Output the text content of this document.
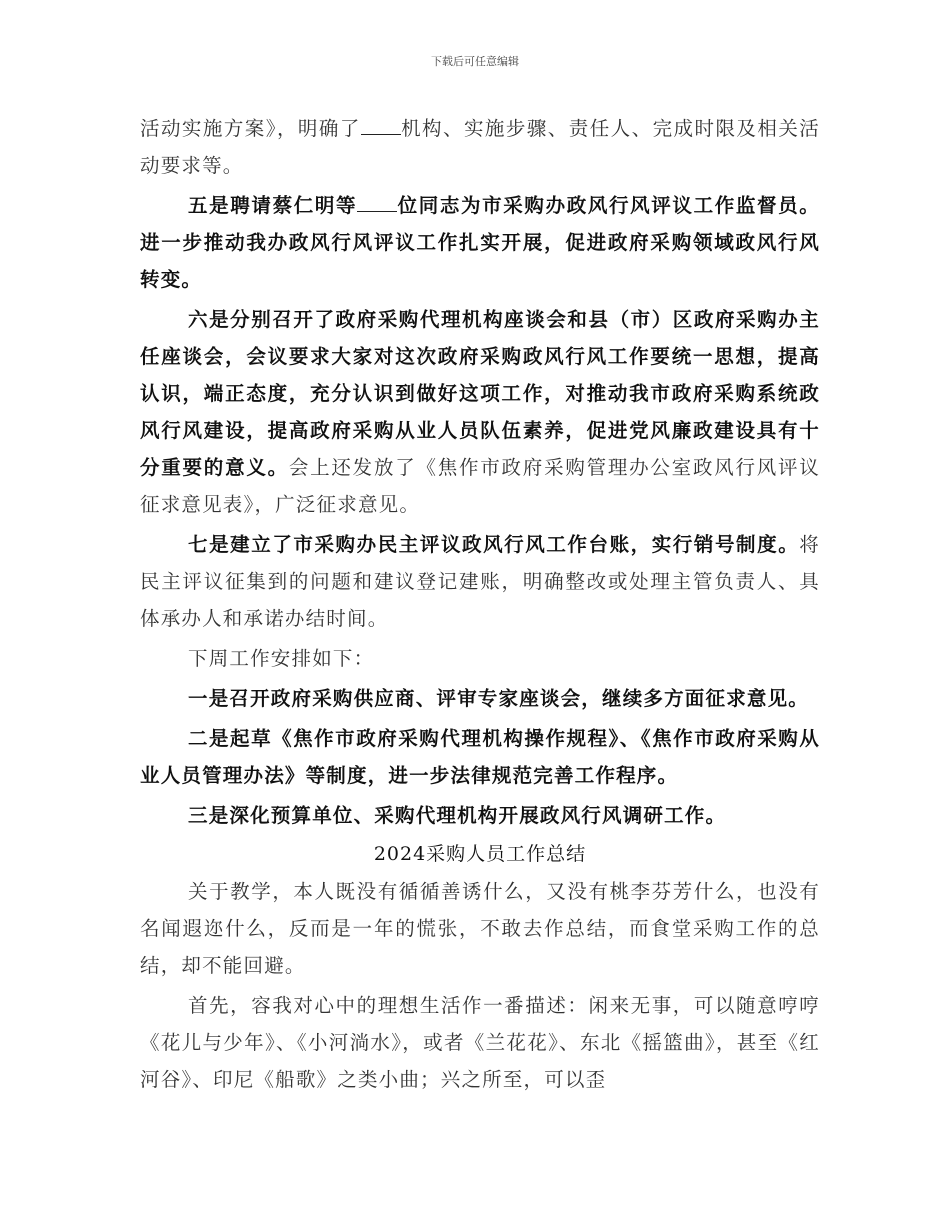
下载后可任意编辑

活动实施方案》，明确了 机构、实施步骤、责任人、完成时限及相关活动要求等。

五是聘请蔡仁明等 位同志为市采购办政风行风评议工作监督员。进一步推动我办政风行风评议工作扎实开展，促进政府采购领域政风行风转变。

六是分别召开了政府采购代理机构座谈会和县（市）区政府采购办主任座谈会，会议要求大家对这次政府采购政风行风工作要统一思想，提高认识，端正态度，充分认识到做好这项工作，对推动我市政府采购系统政风行风建设，提高政府采购从业人员队伍素养，促进党风廉政建设具有十分重要的意义。会上还发放了《焦作市政府采购管理办公室政风行风评议征求意见表》，广泛征求意见。

七是建立了市采购办民主评议政风行风工作台账，实行销号制度。将民主评议征集到的问题和建议登记建账，明确整改或处理主管负责人、具体承办人和承诺办结时间。

下周工作安排如下：

一是召开政府采购供应商、评审专家座谈会，继续多方面征求意见。

二是起草《焦作市政府采购代理机构操作规程》、《焦作市政府采购从业人员管理办法》等制度，进一步法律规范完善工作程序。

三是深化预算单位、采购代理机构开展政风行风调研工作。

2024采购人员工作总结

关于教学，本人既没有循循善诱什么，又没有桃李芬芳什么，也没有名闻遐迩什么，反而是一年的慌张，不敢去作总结，而食堂采购工作的总结，却不能回避。

首先，容我对心中的理想生活作一番描述：闲来无事，可以随意哼哼《花儿与少年》、《小河淌水》，或者《兰花花》、东北《摇篮曲》，甚至《红河谷》、印尼《船歌》之类小曲；兴之所至，可以歪
